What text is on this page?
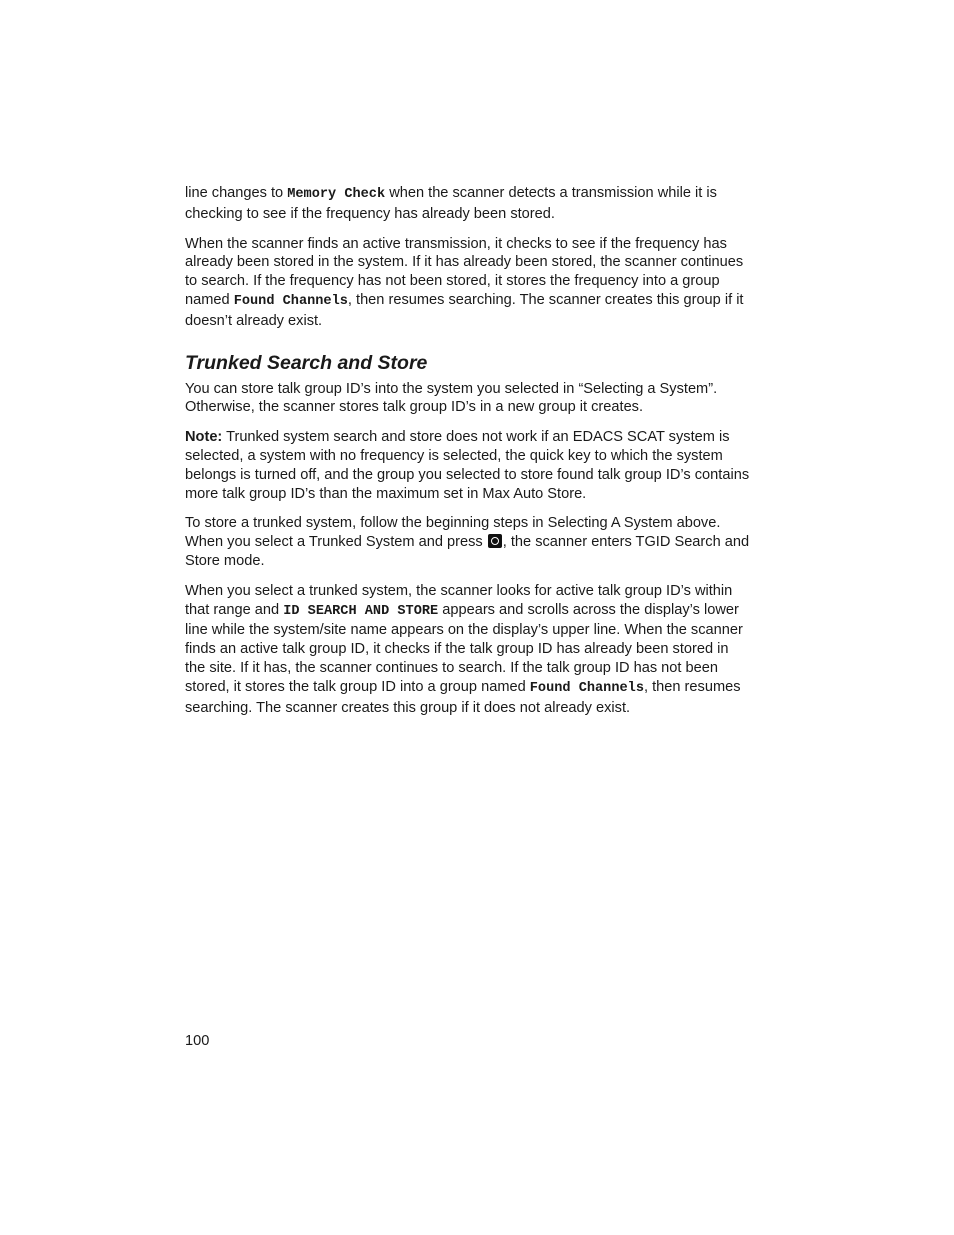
line changes to Memory Check when the scanner detects a transmission while it is checking to see if the frequency has already been stored.

When the scanner finds an active transmission, it checks to see if the frequency has already been stored in the system. If it has already been stored, the scanner continues to search. If the frequency has not been stored, it stores the frequency into a group named Found Channels, then resumes searching. The scanner creates this group if it doesn’t already exist.

Trunked Search and Store

You can store talk group ID’s into the system you selected in “Selecting a System”. Otherwise, the scanner stores talk group ID’s in a new group it creates.

Note: Trunked system search and store does not work if an EDACS SCAT system is selected, a system with no frequency is selected, the quick key to which the system belongs is turned off, and the group you selected to store found talk group ID’s contains more talk group ID’s than the maximum set in Max Auto Store.

To store a trunked system, follow the beginning steps in Selecting A System above. When you select a Trunked System and press , the scanner enters TGID Search and Store mode.

When you select a trunked system, the scanner looks for active talk group ID’s within that range and ID SEARCH AND STORE appears and scrolls across the display’s lower line while the system/site name appears on the display’s upper line. When the scanner finds an active talk group ID, it checks if the talk group ID has already been stored in the site. If it has, the scanner continues to search. If the talk group ID has not been stored, it stores the talk group ID into a group named Found Channels, then resumes searching. The scanner creates this group if it does not already exist.

100
